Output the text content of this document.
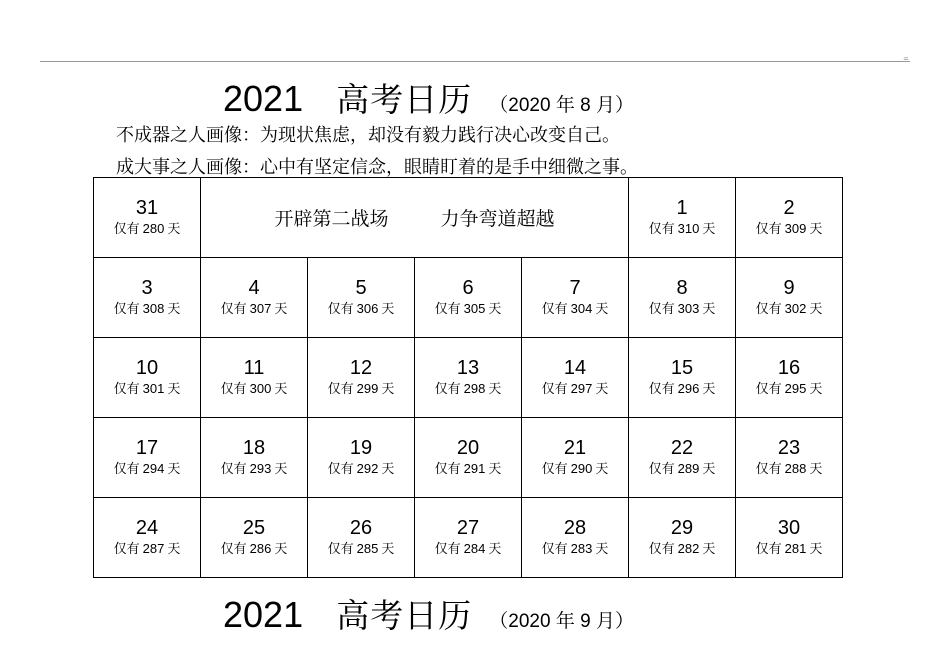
=
2021 高考日历 （2020 年 8 月）
不成器之人画像：为现状焦虑，却没有毅力践行决心改变自己。
成大事之人画像：心中有坚定信念，眼睛盯着的是手中细微之事。
31
仅有 280 天	开辟第二战场 力争弯道超越				1
仅有 310 天	2
仅有 309 天

3
仅有 308 天	4
仅有 307 天	5
仅有 306 天	6
仅有 305 天	7
仅有 304 天	8
仅有 303 天	9
仅有 302 天

10
仅有 301 天	11
仅有 300 天	12
仅有 299 天	13
仅有 298 天	14
仅有 297 天	15
仅有 296 天	16
仅有 295 天

17
仅有 294 天	18
仅有 293 天	19
仅有 292 天	20
仅有 291 天	21
仅有 290 天	22
仅有 289 天	23
仅有 288 天

24
仅有 287 天	25
仅有 286 天	26
仅有 285 天	27
仅有 284 天	28
仅有 283 天	29
仅有 282 天	30
仅有 281 天
2021 高考日历 （2020 年 9 月）
